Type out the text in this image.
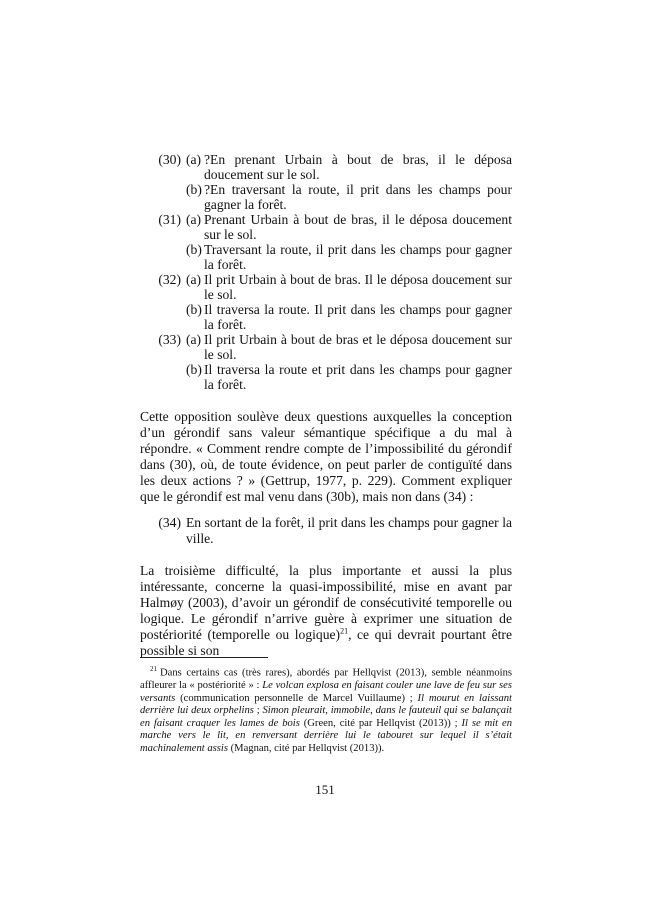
(30) (a) ?En prenant Urbain à bout de bras, il le déposa doucement sur le sol.
(b) ?En traversant la route, il prit dans les champs pour gagner la forêt.
(31) (a) Prenant Urbain à bout de bras, il le déposa doucement sur le sol.
(b) Traversant la route, il prit dans les champs pour gagner la forêt.
(32) (a) Il prit Urbain à bout de bras. Il le déposa doucement sur le sol.
(b) Il traversa la route. Il prit dans les champs pour gagner la forêt.
(33) (a) Il prit Urbain à bout de bras et le déposa doucement sur le sol.
(b) Il traversa la route et prit dans les champs pour gagner la forêt.

Cette opposition soulève deux questions auxquelles la conception d’un gérondif sans valeur sémantique spécifique a du mal à répondre. « Comment rendre compte de l’impossibilité du gérondif dans (30), où, de toute évidence, on peut parler de contiguïté dans les deux actions ? » (Gettrup, 1977, p. 229). Comment expliquer que le gérondif est mal venu dans (30b), mais non dans (34) :

(34) En sortant de la forêt, il prit dans les champs pour gagner la ville.

La troisième difficulté, la plus importante et aussi la plus intéressante, concerne la quasi-impossibilité, mise en avant par Halmøy (2003), d’avoir un gérondif de consécutivité temporelle ou logique. Le gérondif n’arrive guère à exprimer une situation de postériorité (temporelle ou logique)$^{21}$, ce qui devrait pourtant être possible si son

$^{21}$ Dans certains cas (très rares), abordés par Hellqvist (2013), semble néanmoins affleurer la « postériorité » : Le volcan explosa en faisant couler une lave de feu sur ses versants (communication personnelle de Marcel Vuillaume) ; Il mourut en laissant derrière lui deux orphelins ; Simon pleurait, immobile, dans le fauteuil qui se balançait en faisant craquer les lames de bois (Green, cité par Hellqvist (2013)) ; Il se mit en marche vers le lit, en renversant derrière lui le tabouret sur lequel il s’était machinalement assis (Magnan, cité par Hellqvist (2013)).
151
